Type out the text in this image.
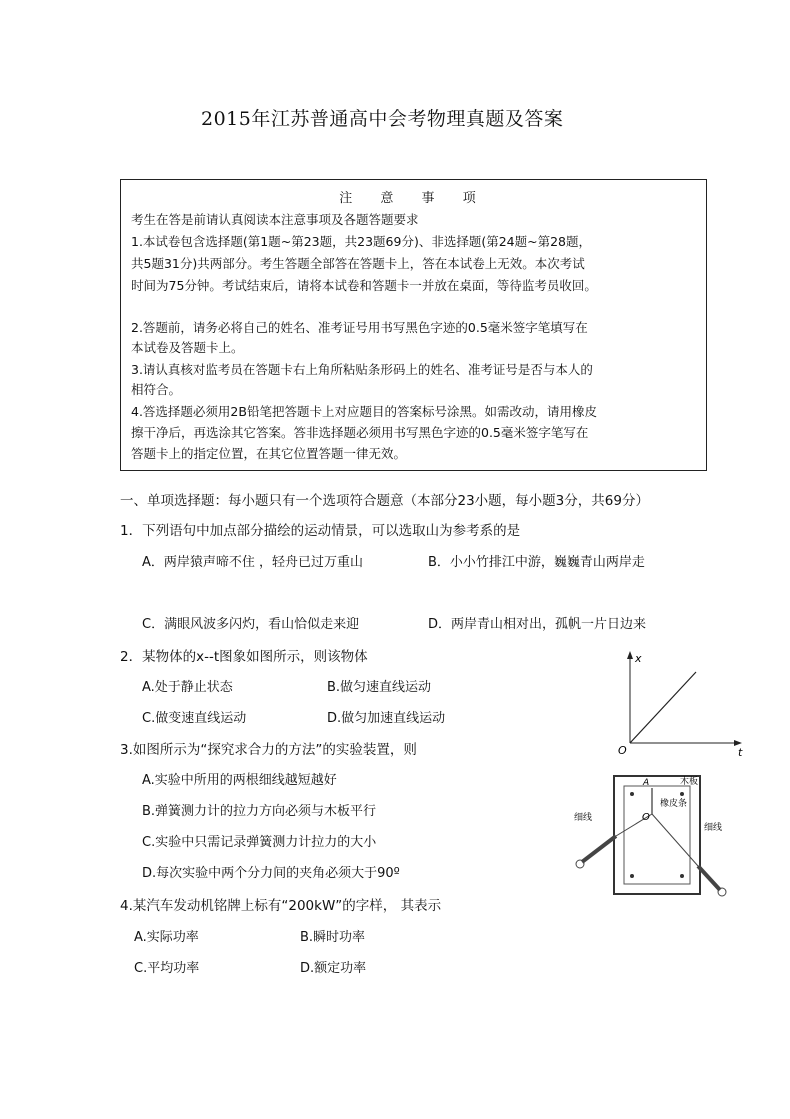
2015年江苏普通高中会考物理真题及答案
注 意 事 项
考生在答是前请认真阅读本注意事项及各题答题要求
1.本试卷包含选择题(第1题~第23题，共23题69分)、非选择题(第24题~第28题，
共5题31分)共两部分。考生答题全部答在答题卡上，答在本试卷上无效。本次考试
时间为75分钟。考试结束后，请将本试卷和答题卡一并放在桌面，等待监考员收回。
2.答题前，请务必将自己的姓名、准考证号用书写黑色字迹的0.5毫米签字笔填写在
本试卷及答题卡上。
3.请认真核对监考员在答题卡右上角所粘贴条形码上的姓名、准考证号是否与本人的
相符合。
4.答选择题必须用2B铅笔把答题卡上对应题目的答案标号涂黑。如需改动，请用橡皮
擦干净后，再选涂其它答案。答非选择题必须用书写黑色字迹的0.5毫米签字笔写在
答题卡上的指定位置，在其它位置答题一律无效。
一、单项选择题：每小题只有一个选项符合题意（本部分23小题，每小题3分，共69分）
1．下列语句中加点部分描绘的运动情景，可以选取山为参考系的是
A．两岸猿声啼不住 ，轻舟已过万重山	B．小小竹排江中游，巍巍青山两岸走
C．满眼风波多闪灼，看山恰似走来迎	D．两岸青山相对出，孤帆一片日边来
2．某物体的x--t图象如图所示，则该物体
A.处于静止状态	B.做匀速直线运动
C.做变速直线运动	D.做匀加速直线运动
3.如图所示为“探究求合力的方法”的实验装置，则
A.实验中所用的两根细线越短越好
B.弹簧测力计的拉力方向必须与木板平行
C.实验中只需记录弹簧测力计拉力的大小
D.每次实验中两个分力间的夹角必须大于90º
4.某汽车发动机铭牌上标有“200kW”的字样， 其表示
A.实际功率	B.瞬时功率
C.平均功率	D.额定功率
x
t
O
A
O
木板
橡皮条
细线
细线
